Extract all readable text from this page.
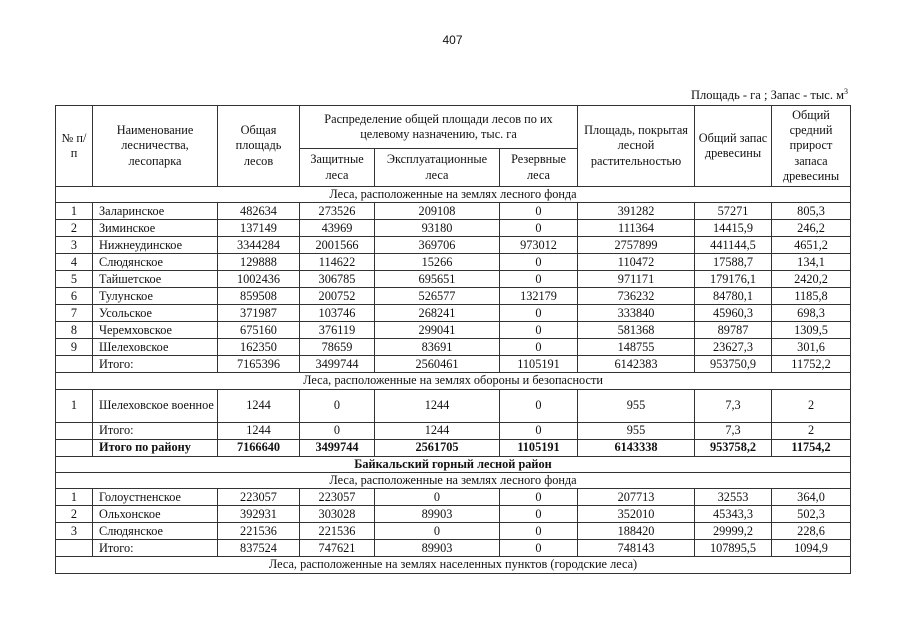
407
Площадь - га ; Запас - тыс. $м^3$
№ п/п	Наименование лесничества, лесопарка	Общая площадь лесов	Распределение общей площади лесов по их целевому назначению, тыс. га			Площадь, покрытая лесной растительностью	Общий запас древесины	Общий средний прирост запаса древесины
			Защитные леса	Эксплуатационные леса	Резервные леса			
Леса, расположенные на землях лесного фонда								
1	Заларинское	482634	273526	209108	0	391282	57271	805,3
2	Зиминское	137149	43969	93180	0	111364	14415,9	246,2
3	Нижнеудинское	3344284	2001566	369706	973012	2757899	441144,5	4651,2
4	Слюдянское	129888	114622	15266	0	110472	17588,7	134,1
5	Тайшетское	1002436	306785	695651	0	971171	179176,1	2420,2
6	Тулунское	859508	200752	526577	132179	736232	84780,1	1185,8
7	Усольское	371987	103746	268241	0	333840	45960,3	698,3
8	Черемховское	675160	376119	299041	0	581368	89787	1309,5
9	Шелеховское	162350	78659	83691	0	148755	23627,3	301,6
	Итого:	7165396	3499744	2560461	1105191	6142383	953750,9	11752,2
Леса, расположенные на землях обороны и безопасности								
1	Шелеховское военное	1244	0	1244	0	955	7,3	2
	Итого:	1244	0	1244	0	955	7,3	2
	Итого по району	7166640	3499744	2561705	1105191	6143338	953758,2	11754,2
Байкальский горный лесной район								
Леса, расположенные на землях лесного фонда								
1	Голоустненское	223057	223057	0	0	207713	32553	364,0
2	Ольхонское	392931	303028	89903	0	352010	45343,3	502,3
3	Слюдянское	221536	221536	0	0	188420	29999,2	228,6
	Итого:	837524	747621	89903	0	748143	107895,5	1094,9
Леса, расположенные на землях населенных пунктов (городские леса)								
